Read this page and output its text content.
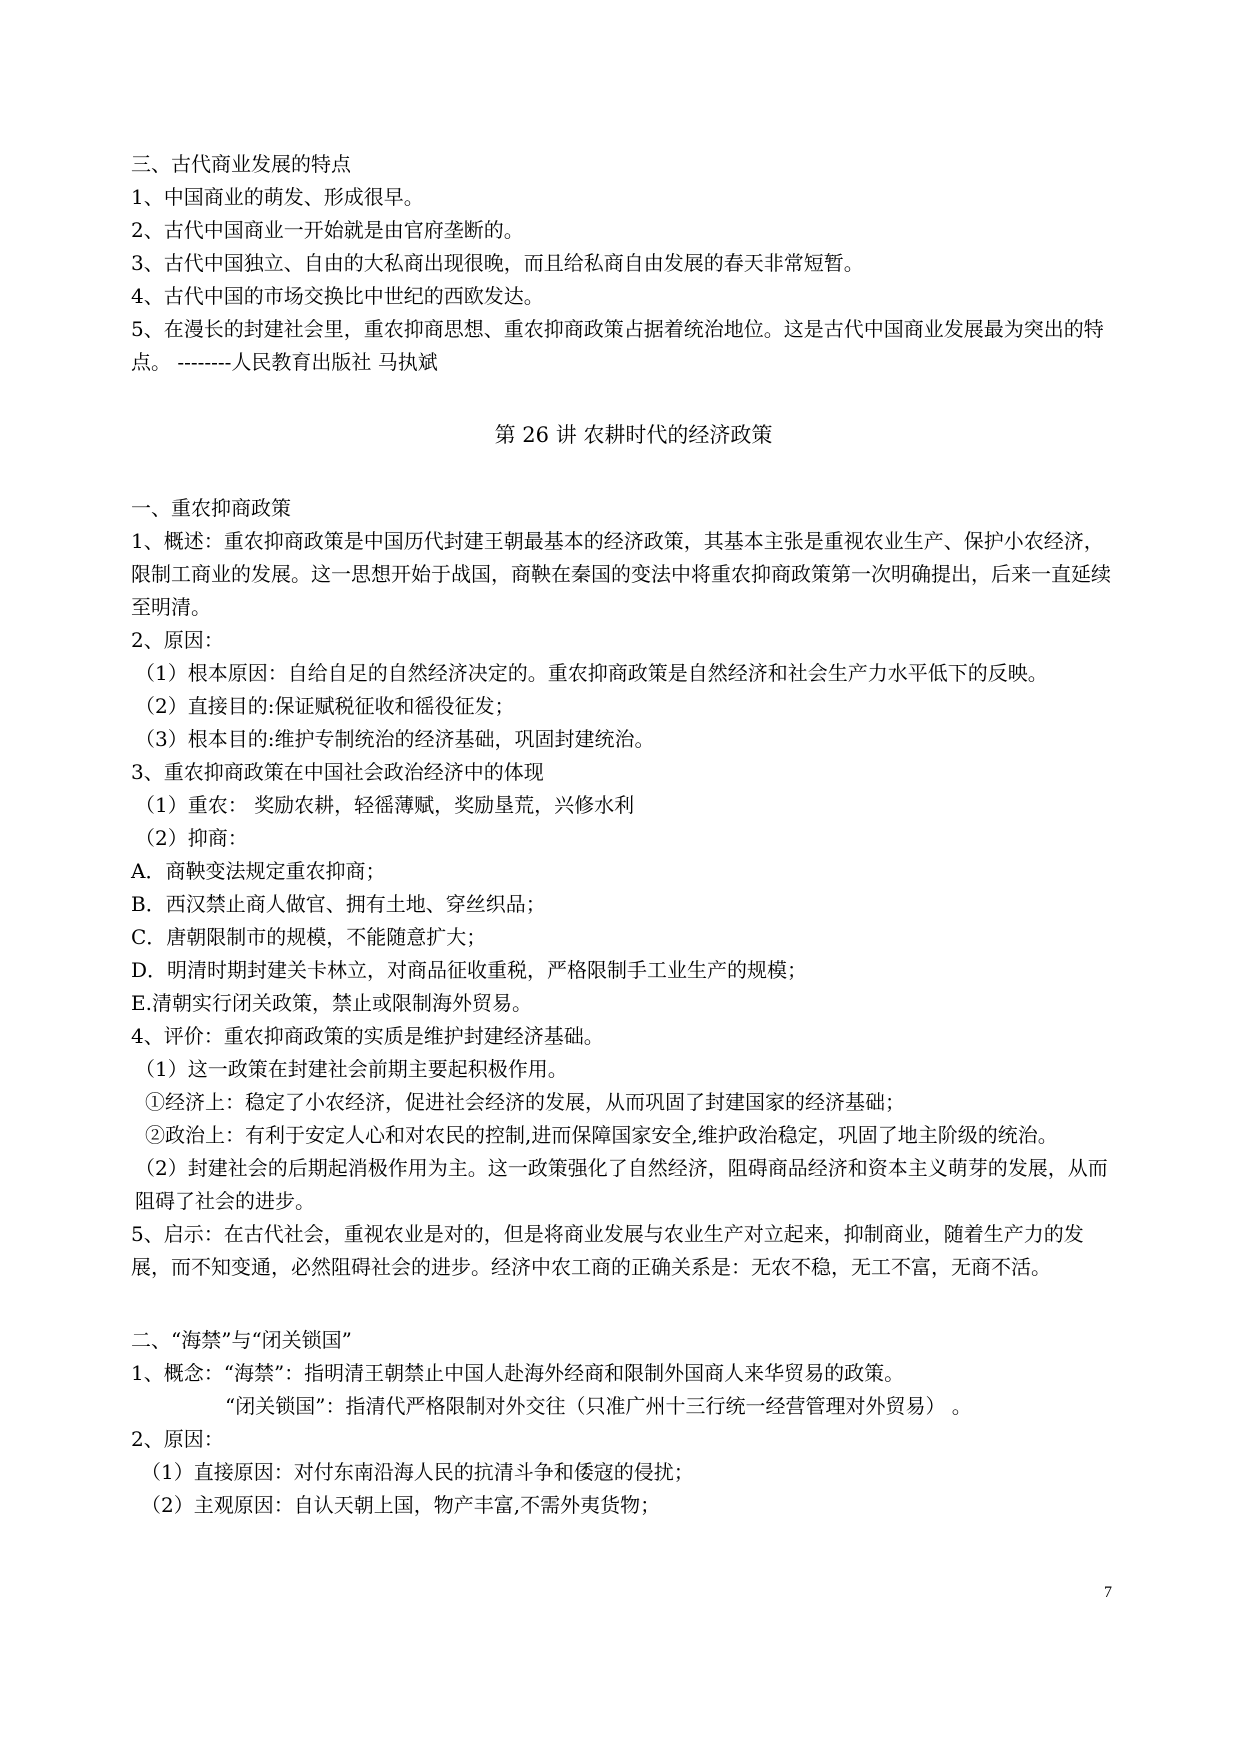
三、古代商业发展的特点
1、中国商业的萌发、形成很早。
2、古代中国商业一开始就是由官府垄断的。
3、古代中国独立、自由的大私商出现很晚，而且给私商自由发展的春天非常短暂。
4、古代中国的市场交换比中世纪的西欧发达。
5、在漫长的封建社会里，重农抑商思想、重农抑商政策占据着统治地位。这是古代中国商业发展最为突出的特点。 --------人民教育出版社 马执斌
第 26 讲 农耕时代的经济政策
一、重农抑商政策
1、概述：重农抑商政策是中国历代封建王朝最基本的经济政策，其基本主张是重视农业生产、保护小农经济，限制工商业的发展。这一思想开始于战国，商鞅在秦国的变法中将重农抑商政策第一次明确提出，后来一直延续至明清。
2、原因：
（1）根本原因：自给自足的自然经济决定的。重农抑商政策是自然经济和社会生产力水平低下的反映。
（2）直接目的:保证赋税征收和徭役征发；
（3）根本目的:维护专制统治的经济基础，巩固封建统治。
3、重农抑商政策在中国社会政治经济中的体现
（1）重农： 奖励农耕，轻徭薄赋，奖励垦荒，兴修水利
（2）抑商：
A．商鞅变法规定重农抑商；
B．西汉禁止商人做官、拥有土地、穿丝织品；
C．唐朝限制市的规模，不能随意扩大；
D．明清时期封建关卡林立，对商品征收重税，严格限制手工业生产的规模；
E.清朝实行闭关政策，禁止或限制海外贸易。
4、评价：重农抑商政策的实质是维护封建经济基础。
（1）这一政策在封建社会前期主要起积极作用。
①经济上：稳定了小农经济，促进社会经济的发展，从而巩固了封建国家的经济基础；
②政治上：有利于安定人心和对农民的控制,进而保障国家安全,维护政治稳定，巩固了地主阶级的统治。
（2）封建社会的后期起消极作用为主。这一政策强化了自然经济，阻碍商品经济和资本主义萌芽的发展，从而阻碍了社会的进步。
5、启示：在古代社会，重视农业是对的，但是将商业发展与农业生产对立起来，抑制商业，随着生产力的发展，而不知变通，必然阻碍社会的进步。经济中农工商的正确关系是：无农不稳，无工不富，无商不活。
二、“海禁”与“闭关锁国”
1、概念：“海禁”：指明清王朝禁止中国人赴海外经商和限制外国商人来华贸易的政策。
“闭关锁国”：指清代严格限制对外交往（只准广州十三行统一经营管理对外贸易） 。
2、原因：
（1）直接原因：对付东南沿海人民的抗清斗争和倭寇的侵扰；
（2）主观原因：自认天朝上国，物产丰富,不需外夷货物；
7
